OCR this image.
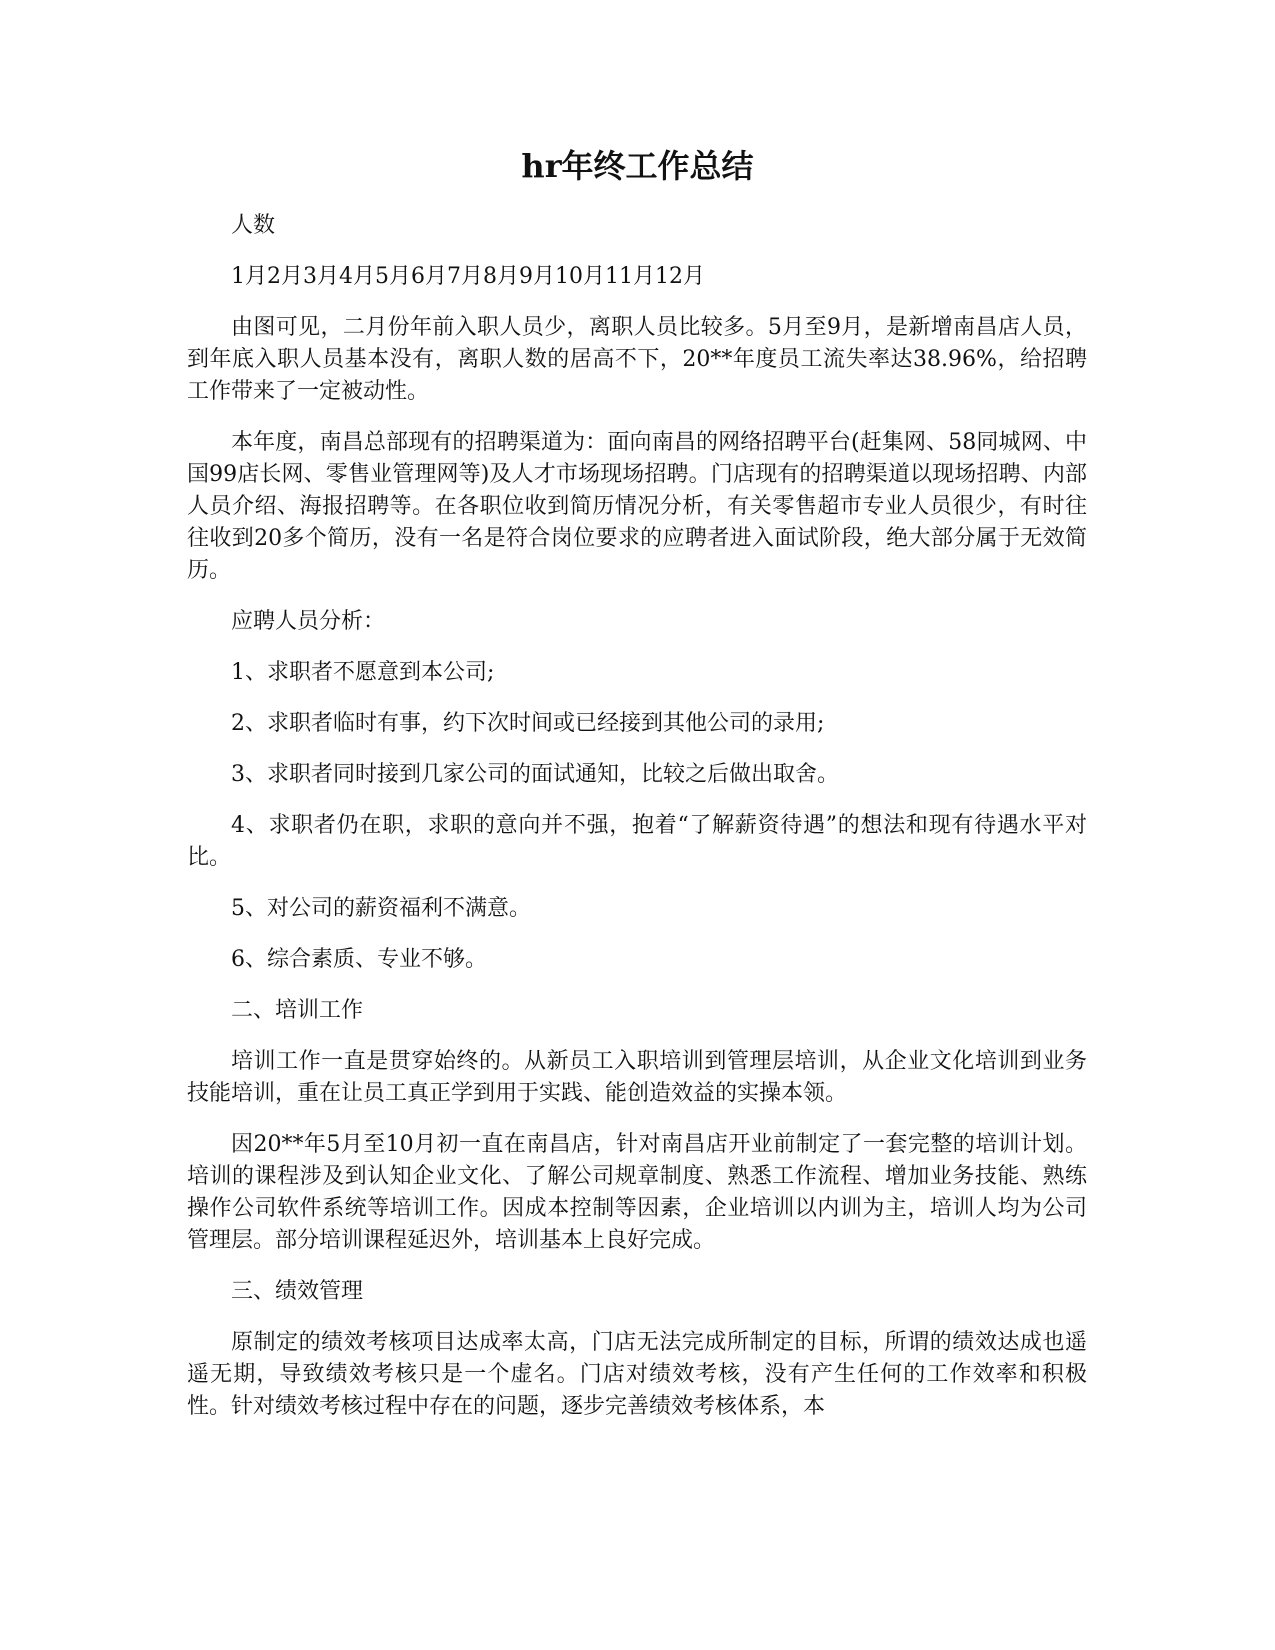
hr年终工作总结

人数

1月2月3月4月5月6月7月8月9月10月11月12月

由图可见，二月份年前入职人员少，离职人员比较多。5月至9月，是新增南昌店人员，到年底入职人员基本没有，离职人数的居高不下，20**年度员工流失率达38.96%，给招聘工作带来了一定被动性。

本年度，南昌总部现有的招聘渠道为：面向南昌的网络招聘平台(赶集网、58同城网、中国99店长网、零售业管理网等)及人才市场现场招聘。门店现有的招聘渠道以现场招聘、内部人员介绍、海报招聘等。在各职位收到简历情况分析，有关零售超市专业人员很少，有时往往收到20多个简历，没有一名是符合岗位要求的应聘者进入面试阶段，绝大部分属于无效简历。

应聘人员分析：

1、求职者不愿意到本公司;

2、求职者临时有事，约下次时间或已经接到其他公司的录用;

3、求职者同时接到几家公司的面试通知，比较之后做出取舍。

4、求职者仍在职，求职的意向并不强，抱着“了解薪资待遇”的想法和现有待遇水平对比。

5、对公司的薪资福利不满意。

6、综合素质、专业不够。

二、培训工作

培训工作一直是贯穿始终的。从新员工入职培训到管理层培训，从企业文化培训到业务技能培训，重在让员工真正学到用于实践、能创造效益的实操本领。

因20**年5月至10月初一直在南昌店，针对南昌店开业前制定了一套完整的培训计划。培训的课程涉及到认知企业文化、了解公司规章制度、熟悉工作流程、增加业务技能、熟练操作公司软件系统等培训工作。因成本控制等因素，企业培训以内训为主，培训人均为公司管理层。部分培训课程延迟外，培训基本上良好完成。

三、绩效管理

原制定的绩效考核项目达成率太高，门店无法完成所制定的目标，所谓的绩效达成也遥遥无期，导致绩效考核只是一个虚名。门店对绩效考核，没有产生任何的工作效率和积极性。针对绩效考核过程中存在的问题，逐步完善绩效考核体系，本
